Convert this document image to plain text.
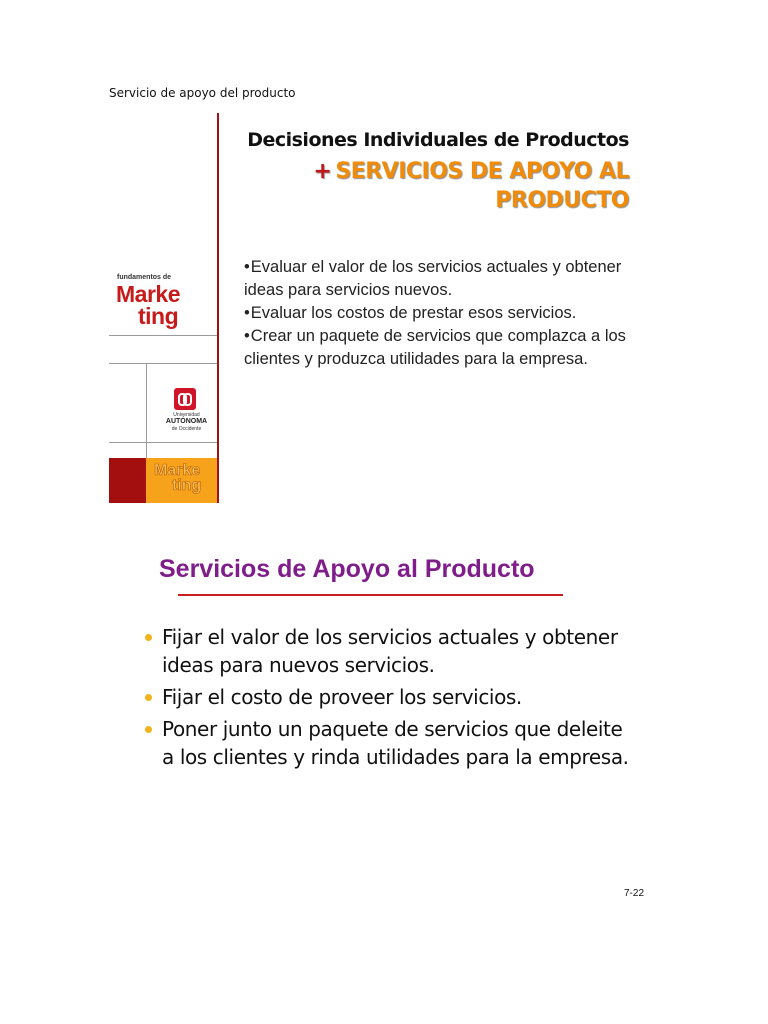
Servicio de apoyo del producto
fundamentos de
Marke
ting
Universidad
AUTÓNOMA
de Occidente
Marke
ting
Decisiones Individuales de Productos
+ SERVICIOS DE APOYO AL PRODUCTO
•Evaluar el valor de los servicios actuales y obtener ideas para servicios nuevos.
•Evaluar los costos de prestar esos servicios.
•Crear un paquete de servicios que complazca a los clientes y produzca utilidades para la empresa.
Servicios de Apoyo al Producto
Fijar el valor de los servicios actuales y obtener ideas para nuevos servicios.
Fijar el costo de proveer los servicios.
Poner junto un paquete de servicios que deleite a los clientes y rinda utilidades para la empresa.
7-22
